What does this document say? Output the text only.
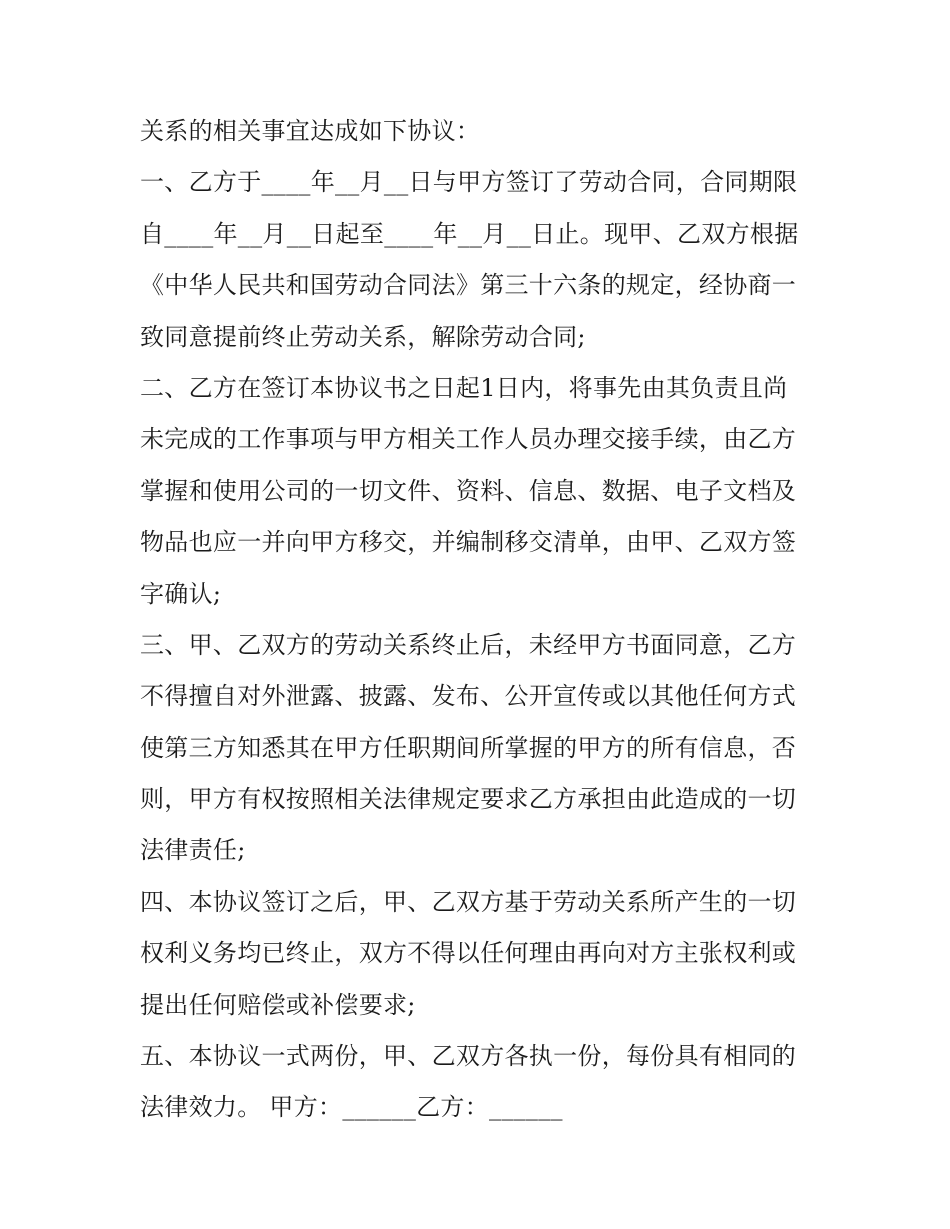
关系的相关事宜达成如下协议：
一、乙方于____年__月__日与甲方签订了劳动合同，合同期限
自____年__月__日起至____年__月__日止。现甲、乙双方根据
《中华人民共和国劳动合同法》第三十六条的规定，经协商一
致同意提前终止劳动关系，解除劳动合同;
二、乙方在签订本协议书之日起1日内，将事先由其负责且尚
未完成的工作事项与甲方相关工作人员办理交接手续，由乙方
掌握和使用公司的一切文件、资料、信息、数据、电子文档及
物品也应一并向甲方移交，并编制移交清单，由甲、乙双方签
字确认;
三、甲、乙双方的劳动关系终止后，未经甲方书面同意，乙方
不得擅自对外泄露、披露、发布、公开宣传或以其他任何方式
使第三方知悉其在甲方任职期间所掌握的甲方的所有信息，否
则，甲方有权按照相关法律规定要求乙方承担由此造成的一切
法律责任;
四、本协议签订之后，甲、乙双方基于劳动关系所产生的一切
权利义务均已终止，双方不得以任何理由再向对方主张权利或
提出任何赔偿或补偿要求;
五、本协议一式两份，甲、乙双方各执一份，每份具有相同的
法律效力。 甲方：______乙方：______
